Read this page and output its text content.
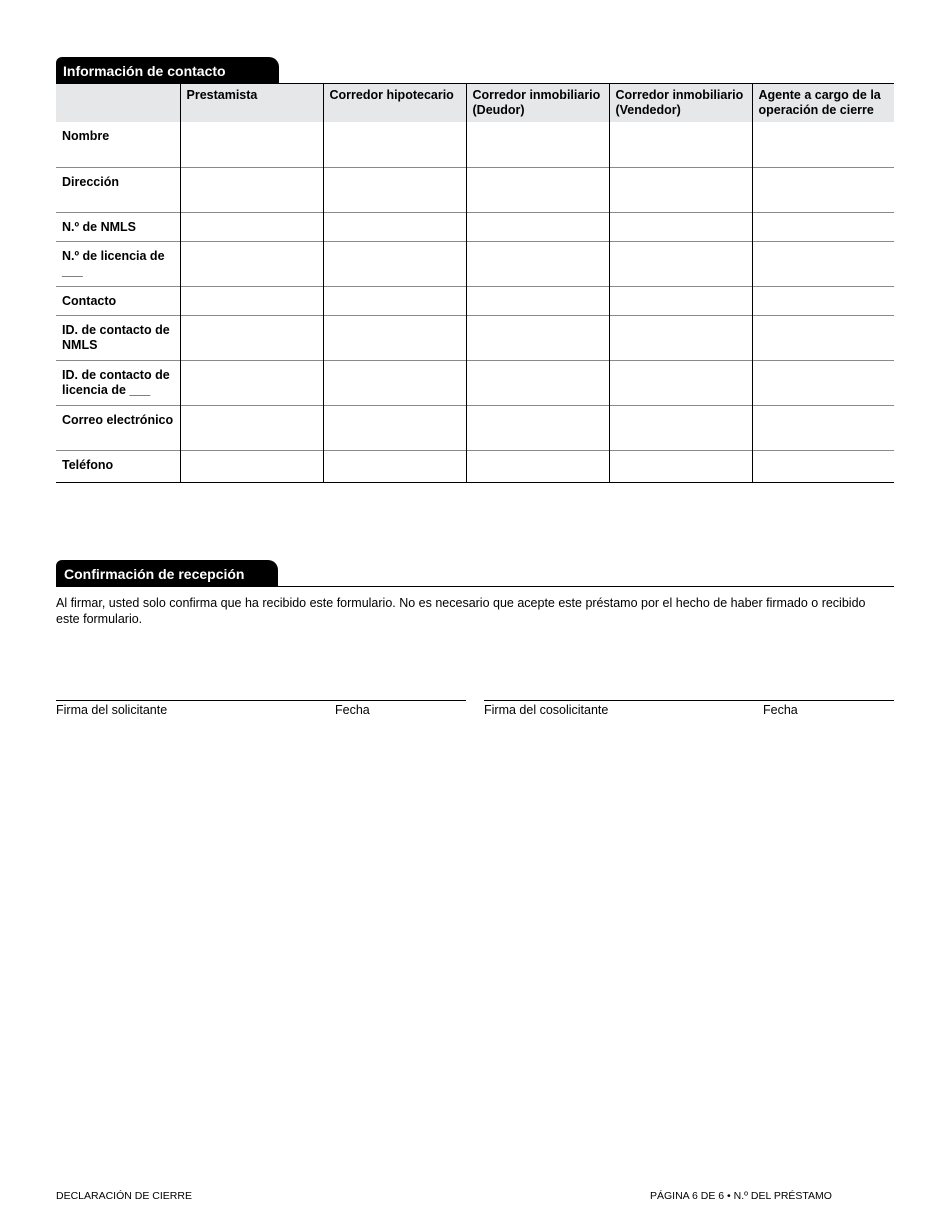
Información de contacto
	Prestamista	Corredor hipotecario	Corredor inmobiliario (Deudor)	Corredor inmobiliario (Vendedor)	Agente a cargo de la operación de cierre
Nombre					
Dirección					
N.º de NMLS					
N.º de licencia de ___					
Contacto					
ID. de contacto de NMLS					
ID. de contacto de licencia de ___					
Correo electrónico					
Teléfono					
Confirmación de recepción
Al firmar, usted solo confirma que ha recibido este formulario. No es necesario que acepte este préstamo por el hecho de haber firmado o recibido este formulario.
Firma del solicitante	Fecha	Firma del cosolicitante	Fecha
DECLARACIÓN DE CIERRE	PÁGINA 6 DE 6 • N.º DEL PRÉSTAMO
